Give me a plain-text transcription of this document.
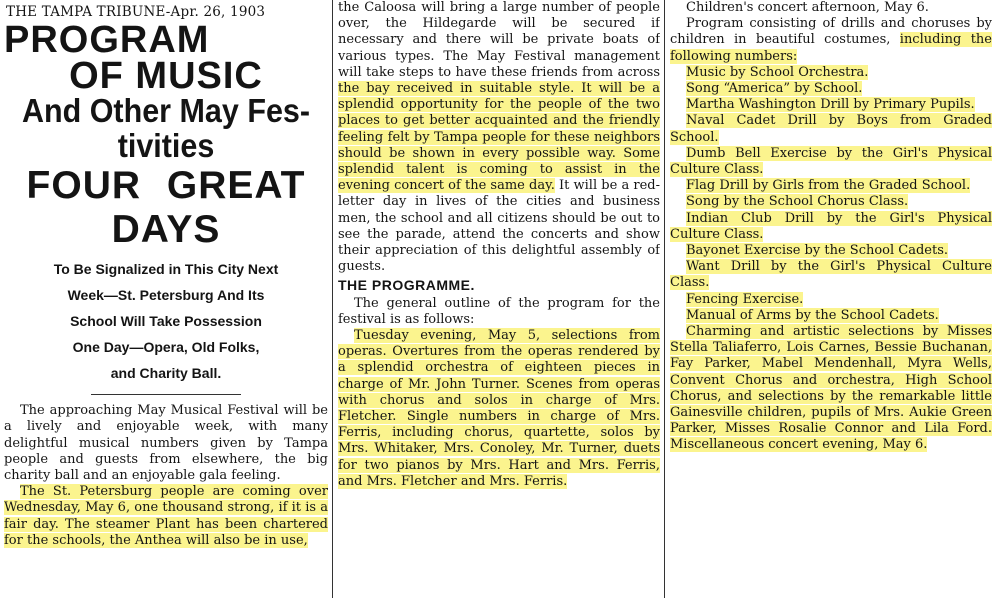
THE TAMPA TRIBUNE-Apr. 26, 1903
PROGRAM
OF MUSIC
And Other May Fes-
tivities
FOUR GREAT DAYS
To Be Signalized in This City Next
Week—St. Petersburg And Its
School Will Take Possession
One Day—Opera, Old Folks,
and Charity Ball.

The approaching May Musical Festival will be a lively and enjoyable week, with many delightful musical numbers given by Tampa people and guests from elsewhere, the big charity ball and an enjoyable gala feeling.

The St. Petersburg people are coming over Wednesday, May 6, one thousand strong, if it is a fair day. The steamer Plant has been chartered for the schools, the Anthea will also be in use,

the Caloosa will bring a large number of people over, the Hildegarde will be secured if necessary and there will be private boats of various types. The May Festival management will take steps to have these friends from across the bay received in suitable style. It will be a splendid opportunity for the people of the two places to get better acquainted and the friendly feeling felt by Tampa people for these neighbors should be shown in every possible way. Some splendid talent is coming to assist in the evening concert of the same day. It will be a red-letter day in lives of the cities and business men, the school and all citizens should be out to see the parade, attend the concerts and show their appreciation of this delightful assembly of guests.

THE PROGRAMME.

The general outline of the program for the festival is as follows:

Tuesday evening, May 5, selections from operas. Overtures from the operas rendered by a splendid orchestra of eighteen pieces in charge of Mr. John Turner. Scenes from operas with chorus and solos in charge of Mrs. Fletcher. Single numbers in charge of Mrs. Ferris, including chorus, quartette, solos by Mrs. Whitaker, Mrs. Conoley, Mr. Turner, duets for two pianos by Mrs. Hart and Mrs. Ferris, and Mrs. Fletcher and Mrs. Ferris.

Children's concert afternoon, May 6.

Program consisting of drills and choruses by children in beautiful costumes, including the following numbers:

Music by School Orchestra.
Song “America” by School.
Martha Washington Drill by Primary Pupils.
Naval Cadet Drill by Boys from Graded School.
Dumb Bell Exercise by the Girl's Physical Culture Class.
Flag Drill by Girls from the Graded School.
Song by the School Chorus Class.
Indian Club Drill by the Girl's Physical Culture Class.
Bayonet Exercise by the School Cadets.
Want Drill by the Girl's Physical Culture Class.
Fencing Exercise.
Manual of Arms by the School Cadets.

Charming and artistic selections by Misses Stella Taliaferro, Lois Carnes, Bessie Buchanan, Fay Parker, Mabel Mendenhall, Myra Wells, Convent Chorus and orchestra, High School Chorus, and selections by the remarkable little Gainesville children, pupils of Mrs. Aukie Green Parker, Misses Rosalie Connor and Lila Ford. Miscellaneous concert evening, May 6.
